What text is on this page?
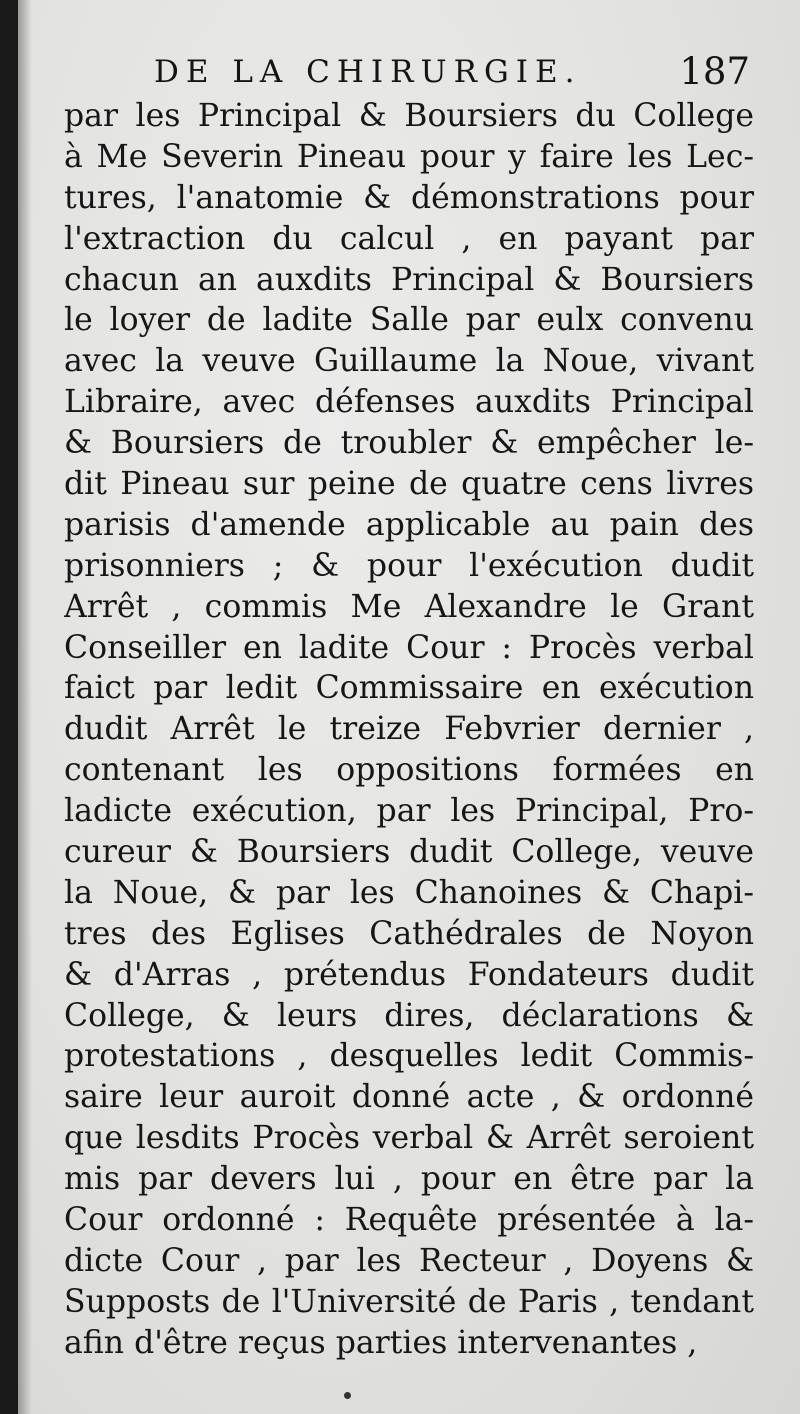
DE LA CHIRURGIE.	187
par les Principal & Boursiers du College
à Me Severin Pineau pour y faire les Lec-
tures, l'anatomie & démonstrations pour
l'extraction du calcul , en payant par
chacun an auxdits Principal & Boursiers
le loyer de ladite Salle par eulx convenu
avec la veuve Guillaume la Noue, vivant
Libraire, avec défenses auxdits Principal
& Boursiers de troubler & empêcher le-
dit Pineau sur peine de quatre cens livres
parisis d'amende applicable au pain des
prisonniers ; & pour l'exécution dudit
Arrêt , commis Me Alexandre le Grant
Conseiller en ladite Cour : Procès verbal
faict par ledit Commissaire en exécution
dudit Arrêt le treize Febvrier dernier ,
contenant les oppositions formées en
ladicte exécution, par les Principal, Pro-
cureur & Boursiers dudit College, veuve
la Noue, & par les Chanoines & Chapi-
tres des Eglises Cathédrales de Noyon
& d'Arras , prétendus Fondateurs dudit
College, & leurs dires, déclarations &
protestations , desquelles ledit Commis-
saire leur auroit donné acte , & ordonné
que lesdits Procès verbal & Arrêt seroient
mis par devers lui , pour en être par la
Cour ordonné : Requête présentée à la-
dicte Cour , par les Recteur , Doyens &
Supposts de l'Université de Paris , tendant
afin d'être reçus parties intervenantes ,
